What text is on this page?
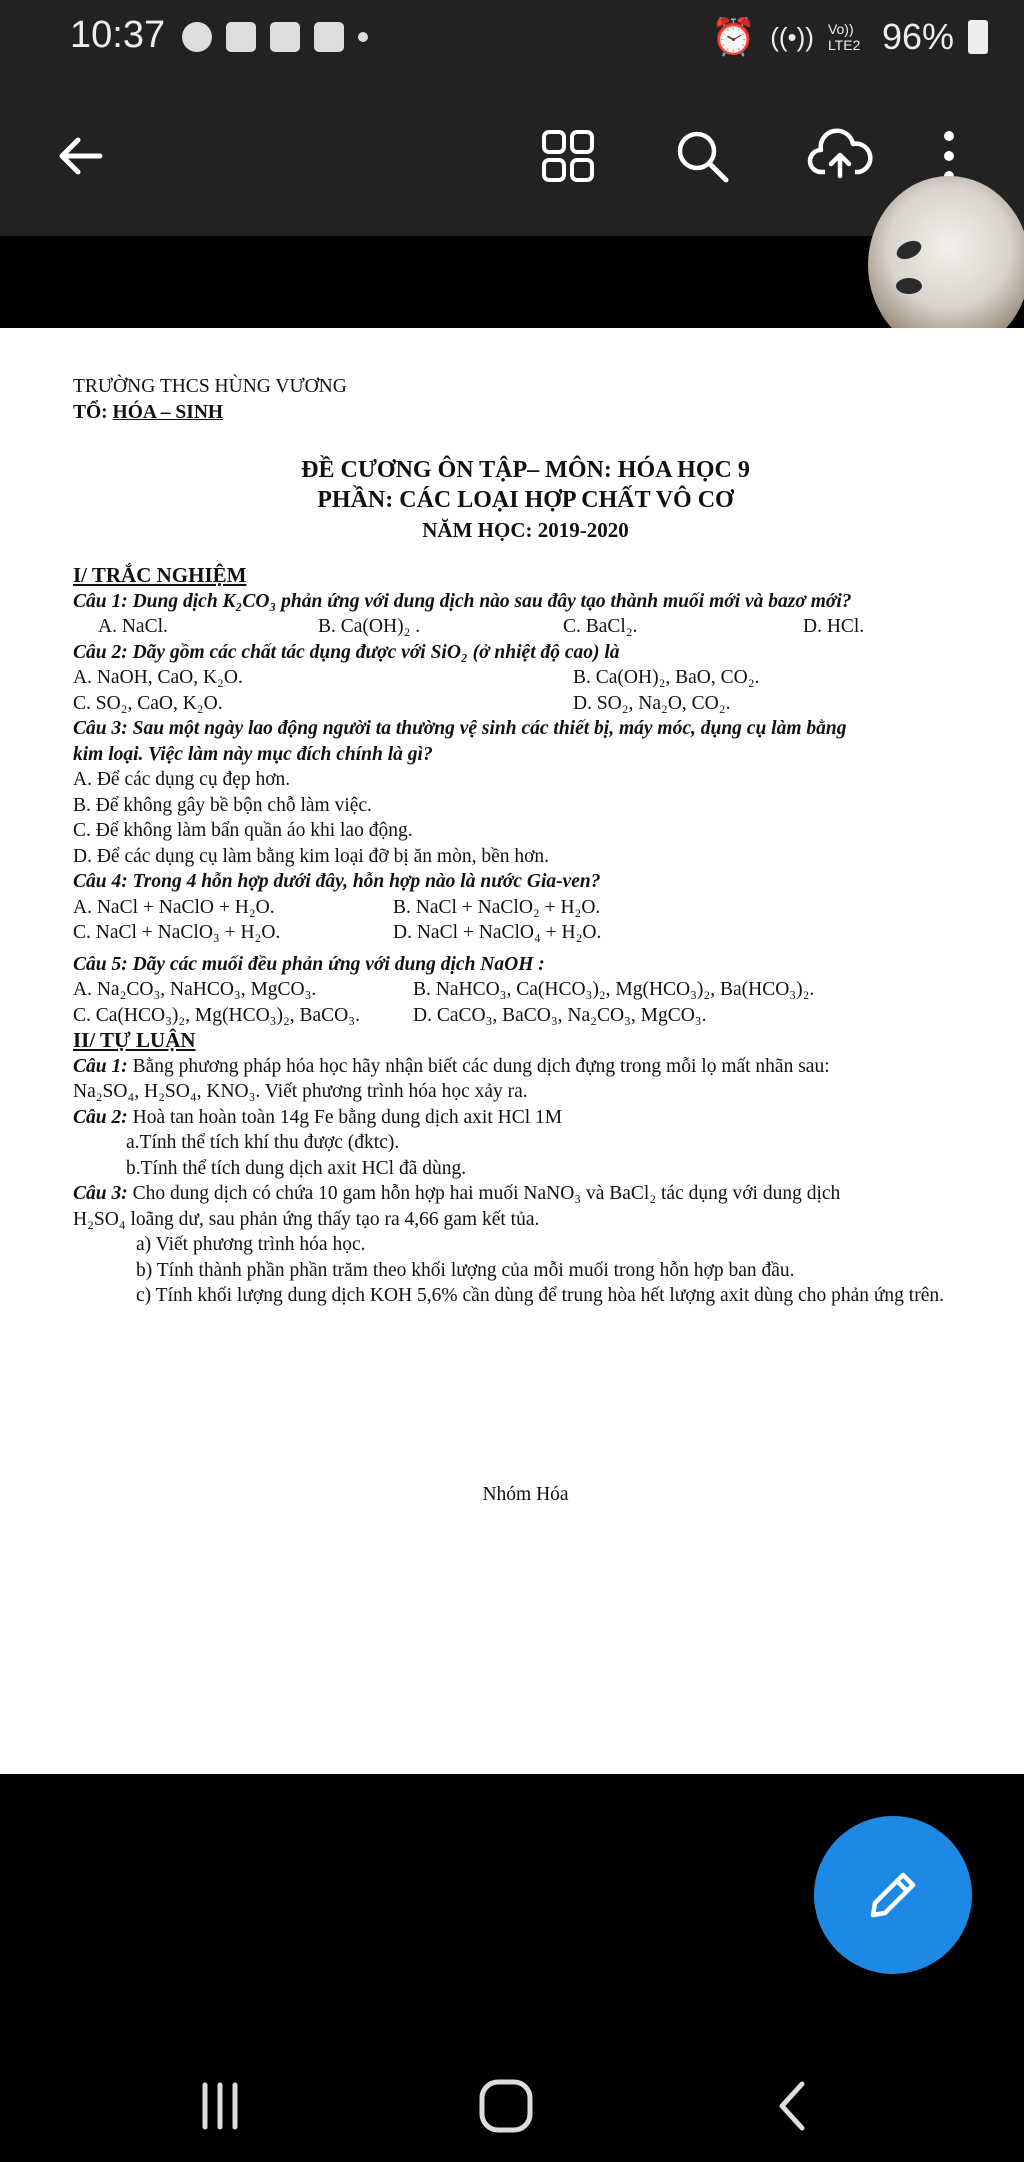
10:37	⏰ ((•)) Vo)) LTE2 96%
TRƯỜNG THCS HÙNG VƯƠNG
TỔ: HÓA – SINH
ĐỀ CƯƠNG ÔN TẬP– MÔN: HÓA HỌC 9
PHẦN: CÁC LOẠI HỢP CHẤT VÔ CƠ
NĂM HỌC: 2019-2020
I/ TRẮC NGHIỆM
Câu 1: Dung dịch K₂CO₃ phản ứng với dung dịch nào sau đây tạo thành muối mới và bazơ mới?
A. NaCl.	B. Ca(OH)₂ .	C. BaCl₂.	D. HCl.
Câu 2: Dãy gồm các chất tác dụng được với SiO₂ (ở nhiệt độ cao) là
A. NaOH, CaO, K₂O.	B. Ca(OH)₂, BaO, CO₂.
C. SO₂, CaO, K₂O.	D. SO₂, Na₂O, CO₂.
Câu 3: Sau một ngày lao động người ta thường vệ sinh các thiết bị, máy móc, dụng cụ làm bằng
kim loại. Việc làm này mục đích chính là gì?
A. Để các dụng cụ đẹp hơn.
B. Để không gây bề bộn chỗ làm việc.
C. Để không làm bẩn quần áo khi lao động.
D. Để các dụng cụ làm bằng kim loại đỡ bị ăn mòn, bền hơn.
Câu 4: Trong 4 hỗn hợp dưới đây, hỗn hợp nào là nước Gia-ven?
A. NaCl + NaClO + H₂O.	B. NaCl + NaClO₂ + H₂O.
C. NaCl + NaClO₃ + H₂O.	D. NaCl + NaClO₄ + H₂O.
Câu 5: Dãy các muối đều phản ứng với dung dịch NaOH :
A. Na₂CO₃, NaHCO₃, MgCO₃.	B. NaHCO₃, Ca(HCO₃)₂, Mg(HCO₃)₂, Ba(HCO₃)₂.
C. Ca(HCO₃)₂, Mg(HCO₃)₂, BaCO₃.	D. CaCO₃, BaCO₃, Na₂CO₃, MgCO₃.
II/ TỰ LUẬN
Câu 1: Bằng phương pháp hóa học hãy nhận biết các dung dịch đựng trong mỗi lọ mất nhãn sau:
Na₂SO₄, H₂SO₄, KNO₃. Viết phương trình hóa học xảy ra.
Câu 2: Hoà tan hoàn toàn 14g Fe bằng dung dịch axit HCl 1M
a.Tính thể tích khí thu được (đktc).
b.Tính thể tích dung dịch axit HCl đã dùng.
Câu 3: Cho dung dịch có chứa 10 gam hỗn hợp hai muối NaNO₃ và BaCl₂ tác dụng với dung dịch
H₂SO₄ loãng dư, sau phản ứng thấy tạo ra 4,66 gam kết tủa.
a) Viết phương trình hóa học.
b) Tính thành phần phần trăm theo khối lượng của mỗi muối trong hỗn hợp ban đầu.
c) Tính khối lượng dung dịch KOH 5,6% cần dùng để trung hòa hết lượng axit dùng cho phản ứng trên.
Nhóm Hóa
